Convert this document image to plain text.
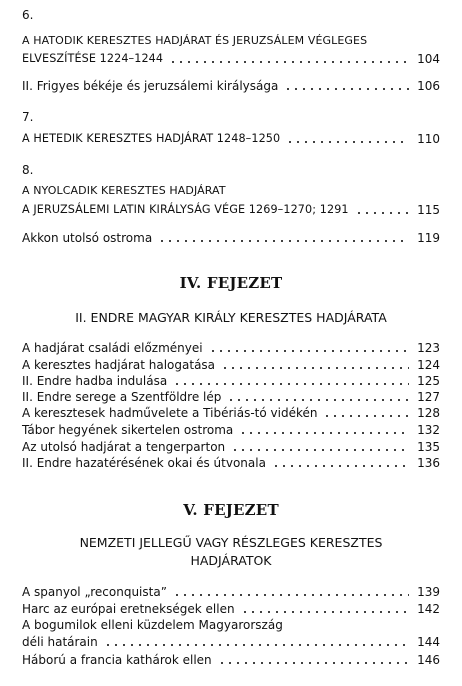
6.
A HATODIK KERESZTES HADJÁRAT ÉS JERUZSÁLEM VÉGLEGES
ELVESZÍTÉSE 1224–1244	104
II. Frigyes békéje és jeruzsálemi királysága	106
7.
A HETEDIK KERESZTES HADJÁRAT 1248–1250	110
8.
A NYOLCADIK KERESZTES HADJÁRAT
A JERUZSÁLEMI LATIN KIRÁLYSÁG VÉGE 1269–1270; 1291	115
Akkon utolsó ostroma	119
IV. FEJEZET
II. ENDRE MAGYAR KIRÁLY KERESZTES HADJÁRATA
A hadjárat családi előzményei	123
A keresztes hadjárat halogatása	124
II. Endre hadba indulása	125
II. Endre serege a Szentföldre lép	127
A keresztesek hadművelete a Tibériás-tó vidékén	128
Tábor hegyének sikertelen ostroma	132
Az utolsó hadjárat a tengerparton	135
II. Endre hazatérésének okai és útvonala	136
V. FEJEZET
NEMZETI JELLEGŰ VAGY RÉSZLEGES KERESZTES
HADJÁRATOK
A spanyol „reconquista”	139
Harc az európai eretnekségek ellen	142
A bogumilok elleni küzdelem Magyarország
déli határain	144
Háború a francia kathárok ellen	146
